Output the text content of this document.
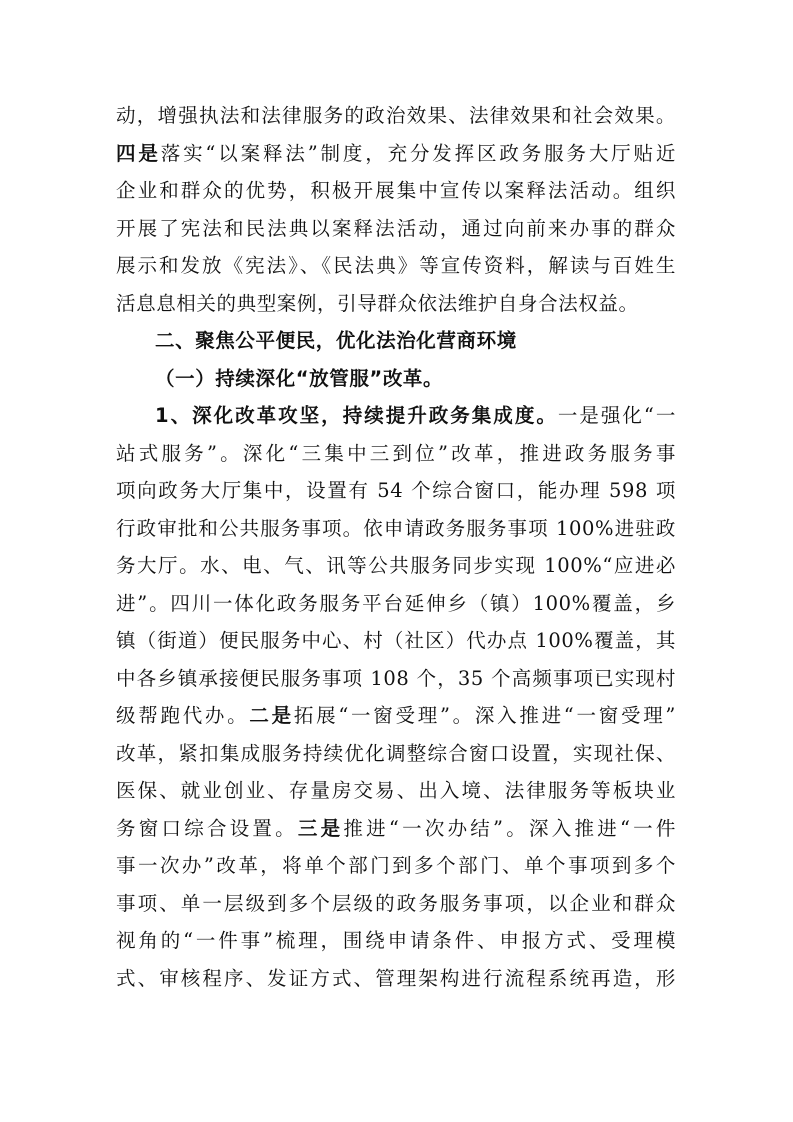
动，增强执法和法律服务的政治效果、法律效果和社会效果。
四是落实“以案释法”制度，充分发挥区政务服务大厅贴近
企业和群众的优势，积极开展集中宣传以案释法活动。组织
开展了宪法和民法典以案释法活动，通过向前来办事的群众
展示和发放《宪法》、《民法典》等宣传资料，解读与百姓生
活息息相关的典型案例，引导群众依法维护自身合法权益。
二、聚焦公平便民，优化法治化营商环境
（一）持续深化“放管服”改革。
1、深化改革攻坚，持续提升政务集成度。一是强化“一
站式服务”。深化“三集中三到位”改革，推进政务服务事
项向政务大厅集中，设置有 54 个综合窗口，能办理 598 项
行政审批和公共服务事项。依申请政务服务事项 100%进驻政
务大厅。水、电、气、讯等公共服务同步实现 100%“应进必
进”。四川一体化政务服务平台延伸乡（镇）100%覆盖，乡
镇（街道）便民服务中心、村（社区）代办点 100%覆盖，其
中各乡镇承接便民服务事项 108 个，35 个高频事项已实现村
级帮跑代办。二是拓展“一窗受理”。深入推进“一窗受理”
改革，紧扣集成服务持续优化调整综合窗口设置，实现社保、
医保、就业创业、存量房交易、出入境、法律服务等板块业
务窗口综合设置。三是推进“一次办结”。深入推进“一件
事一次办”改革，将单个部门到多个部门、单个事项到多个
事项、单一层级到多个层级的政务服务事项，以企业和群众
视角的“一件事”梳理，围绕申请条件、申报方式、受理模
式、审核程序、发证方式、管理架构进行流程系统再造，形
